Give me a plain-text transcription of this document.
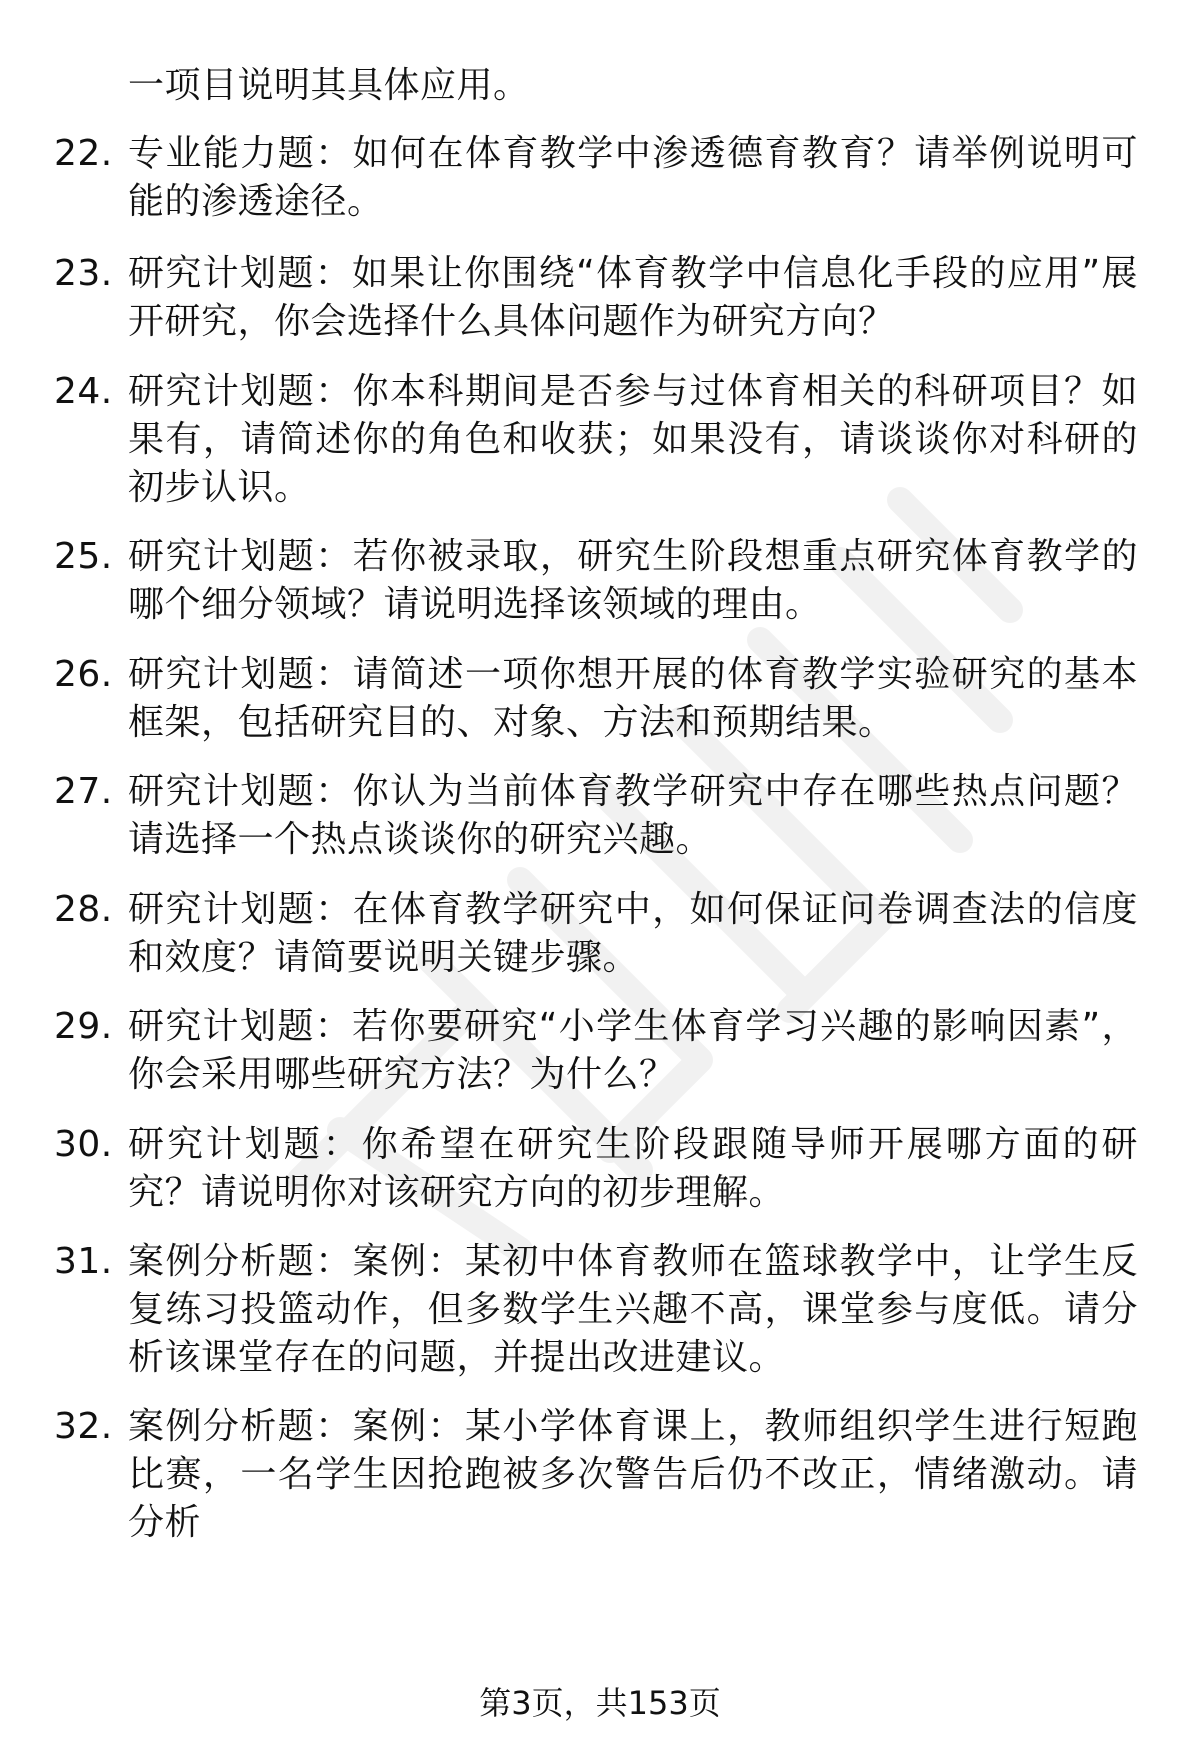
一项目说明其具体应用。
22. 专业能力题：如何在体育教学中渗透德育教育？请举例说明可能的渗透途径。
23. 研究计划题：如果让你围绕“体育教学中信息化手段的应用”展开研究，你会选择什么具体问题作为研究方向？
24. 研究计划题：你本科期间是否参与过体育相关的科研项目？如果有，请简述你的角色和收获；如果没有，请谈谈你对科研的初步认识。
25. 研究计划题：若你被录取，研究生阶段想重点研究体育教学的哪个细分领域？请说明选择该领域的理由。
26. 研究计划题：请简述一项你想开展的体育教学实验研究的基本框架，包括研究目的、对象、方法和预期结果。
27. 研究计划题：你认为当前体育教学研究中存在哪些热点问题？请选择一个热点谈谈你的研究兴趣。
28. 研究计划题：在体育教学研究中，如何保证问卷调查法的信度和效度？请简要说明关键步骤。
29. 研究计划题：若你要研究“小学生体育学习兴趣的影响因素”，你会采用哪些研究方法？为什么？
30. 研究计划题：你希望在研究生阶段跟随导师开展哪方面的研究？请说明你对该研究方向的初步理解。
31. 案例分析题：案例：某初中体育教师在篮球教学中，让学生反复练习投篮动作，但多数学生兴趣不高，课堂参与度低。请分析该课堂存在的问题，并提出改进建议。
32. 案例分析题：案例：某小学体育课上，教师组织学生进行短跑比赛，一名学生因抢跑被多次警告后仍不改正，情绪激动。请分析
第3页，共153页
